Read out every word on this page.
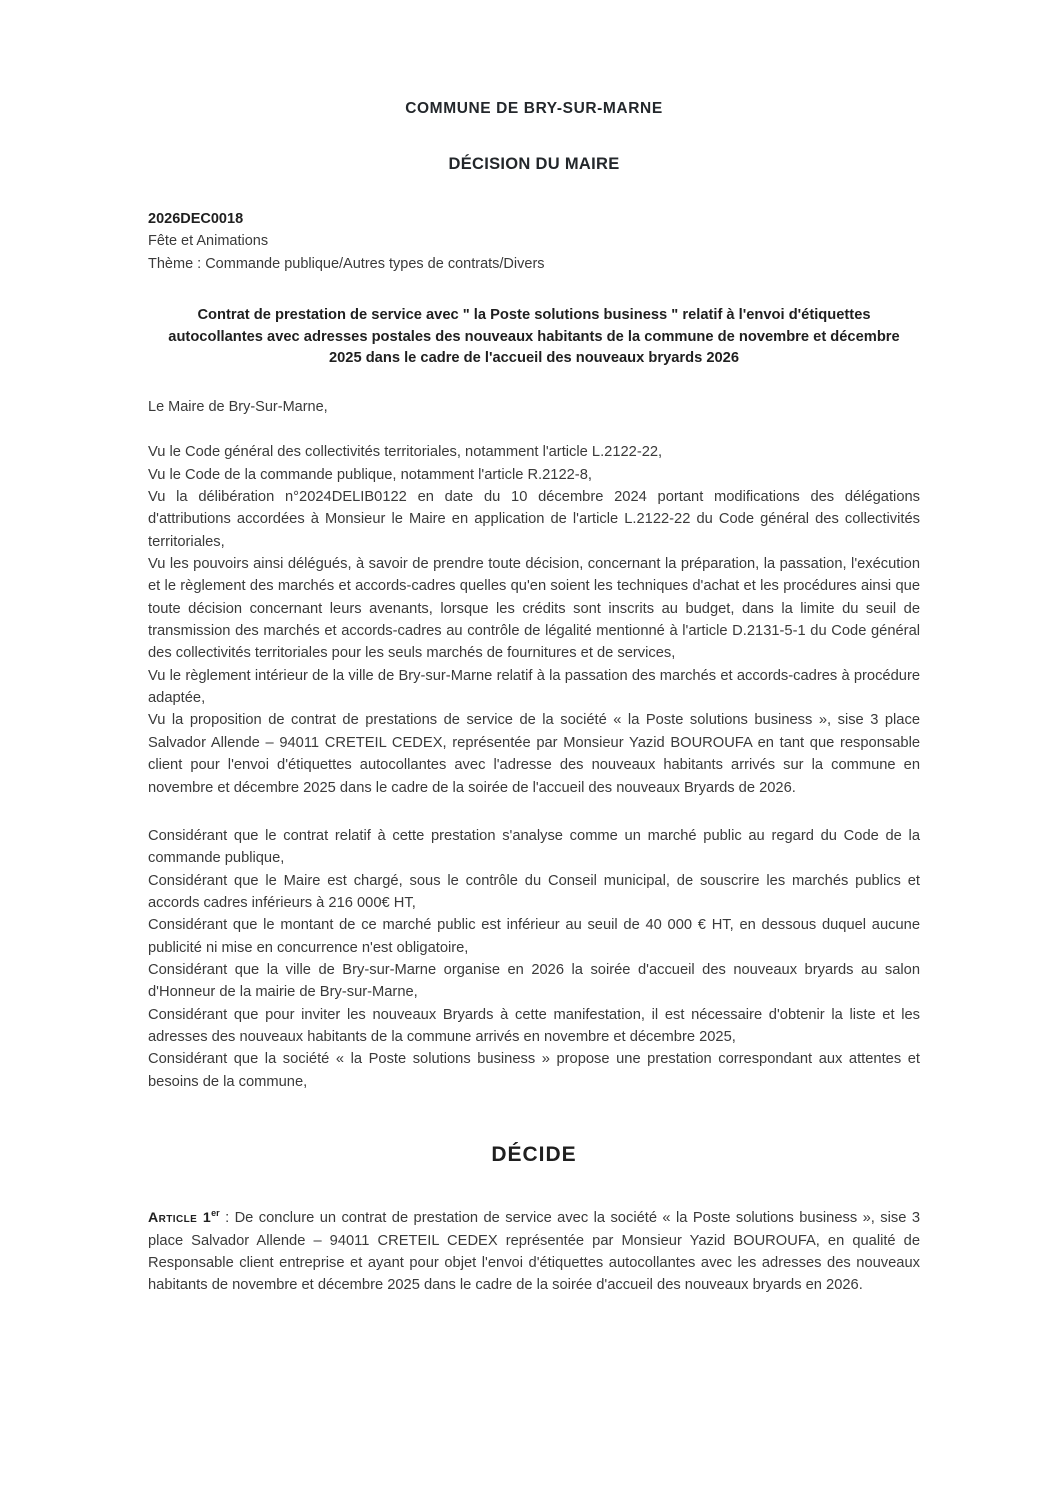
COMMUNE DE BRY-SUR-MARNE
DÉCISION DU MAIRE
2026DEC0018
Fête et Animations
Thème : Commande publique/Autres types de contrats/Divers
Contrat de prestation de service avec " la Poste solutions business " relatif à l'envoi d'étiquettes autocollantes avec adresses postales des nouveaux habitants de la commune de novembre et décembre 2025 dans le cadre de l'accueil des nouveaux bryards 2026
Le Maire de Bry-Sur-Marne,

Vu le Code général des collectivités territoriales, notamment l'article L.2122-22,

Vu le Code de la commande publique, notamment l'article R.2122-8,

Vu la délibération n°2024DELIB0122 en date du 10 décembre 2024 portant modifications des délégations d'attributions accordées à Monsieur le Maire en application de l'article L.2122-22 du Code général des collectivités territoriales,

Vu les pouvoirs ainsi délégués, à savoir de prendre toute décision, concernant la préparation, la passation, l'exécution et le règlement des marchés et accords-cadres quelles qu'en soient les techniques d'achat et les procédures ainsi que toute décision concernant leurs avenants, lorsque les crédits sont inscrits au budget, dans la limite du seuil de transmission des marchés et accords-cadres au contrôle de légalité mentionné à l'article D.2131-5-1 du Code général des collectivités territoriales pour les seuls marchés de fournitures et de services,

Vu le règlement intérieur de la ville de Bry-sur-Marne relatif à la passation des marchés et accords-cadres à procédure adaptée,

Vu la proposition de contrat de prestations de service de la société « la Poste solutions business », sise 3 place Salvador Allende – 94011 CRETEIL CEDEX, représentée par Monsieur Yazid BOUROUFA en tant que responsable client pour l'envoi d'étiquettes autocollantes avec l'adresse des nouveaux habitants arrivés sur la commune en novembre et décembre 2025 dans le cadre de la soirée de l'accueil des nouveaux Bryards de 2026.

Considérant que le contrat relatif à cette prestation s'analyse comme un marché public au regard du Code de la commande publique,

Considérant que le Maire est chargé, sous le contrôle du Conseil municipal, de souscrire les marchés publics et accords cadres inférieurs à 216 000€ HT,

Considérant que le montant de ce marché public est inférieur au seuil de 40 000 € HT, en dessous duquel aucune publicité ni mise en concurrence n'est obligatoire,

Considérant que la ville de Bry-sur-Marne organise en 2026 la soirée d'accueil des nouveaux bryards au salon d'Honneur de la mairie de Bry-sur-Marne,

Considérant que pour inviter les nouveaux Bryards à cette manifestation, il est nécessaire d'obtenir la liste et les adresses des nouveaux habitants de la commune arrivés en novembre et décembre 2025,

Considérant que la société « la Poste solutions business » propose une prestation correspondant aux attentes et besoins de la commune,

DÉCIDE

Article 1er : De conclure un contrat de prestation de service avec la société « la Poste solutions business », sise 3 place Salvador Allende – 94011 CRETEIL CEDEX représentée par Monsieur Yazid BOUROUFA, en qualité de Responsable client entreprise et ayant pour objet l'envoi d'étiquettes autocollantes avec les adresses des nouveaux habitants de novembre et décembre 2025 dans le cadre de la soirée d'accueil des nouveaux bryards en 2026.
